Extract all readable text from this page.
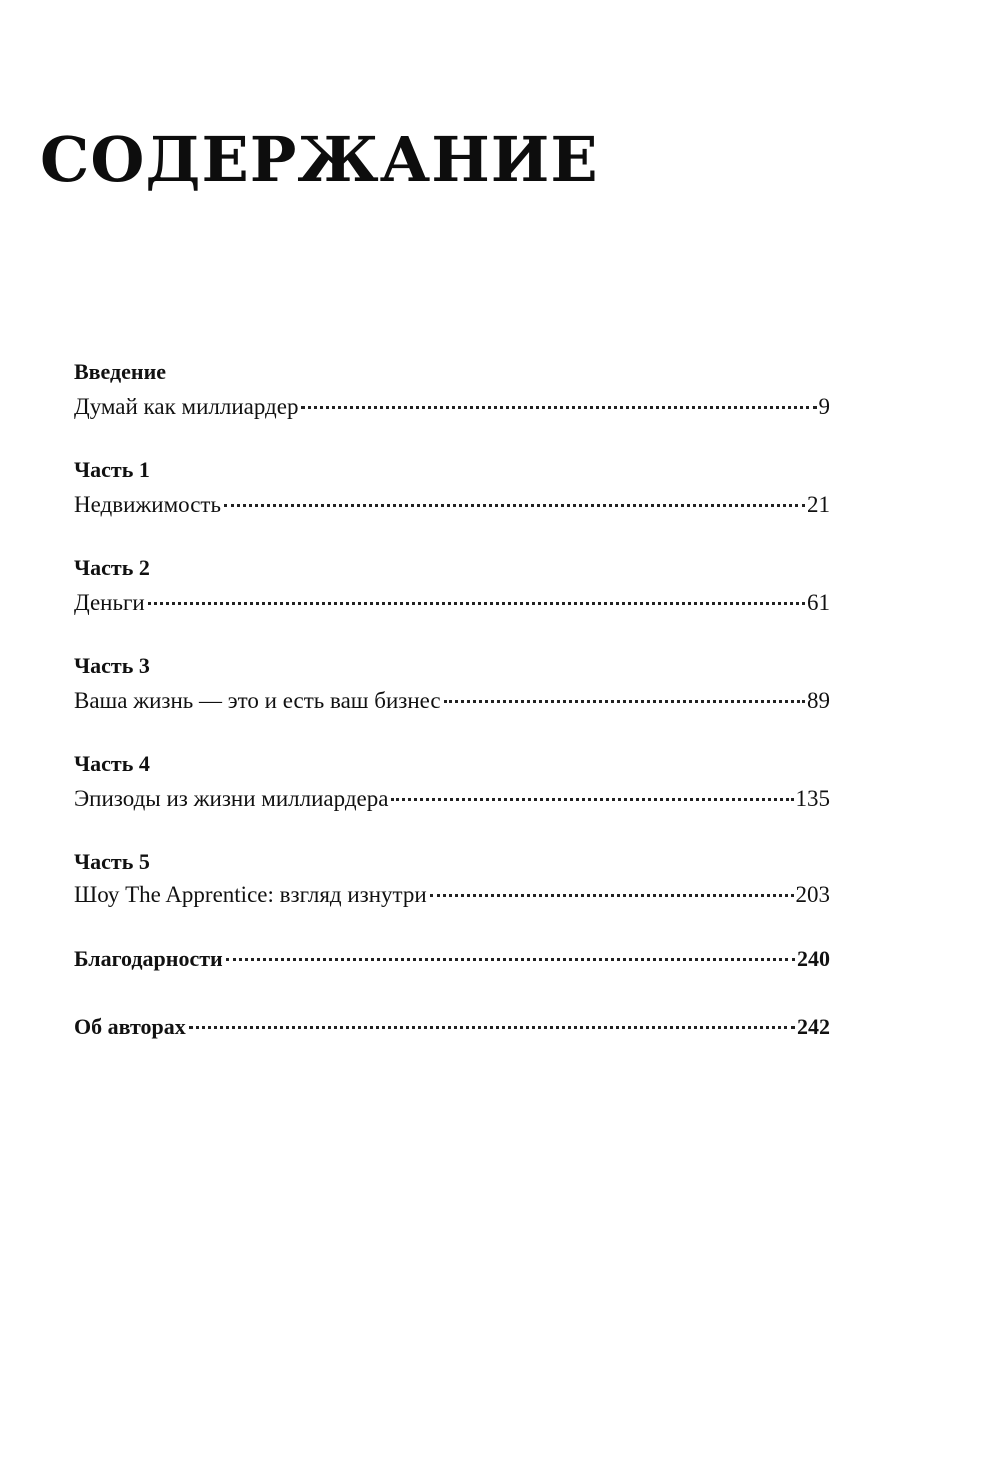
СОДЕРЖАНИЕ
Введение
Думай как миллиардер	9
Часть 1
Недвижимость	21
Часть 2
Деньги	61
Часть 3
Ваша жизнь — это и есть ваш бизнес	89
Часть 4
Эпизоды из жизни миллиардера	135
Часть 5
Шоу The Apprentice: взгляд изнутри	203
Благодарности	240
Об авторах	242
